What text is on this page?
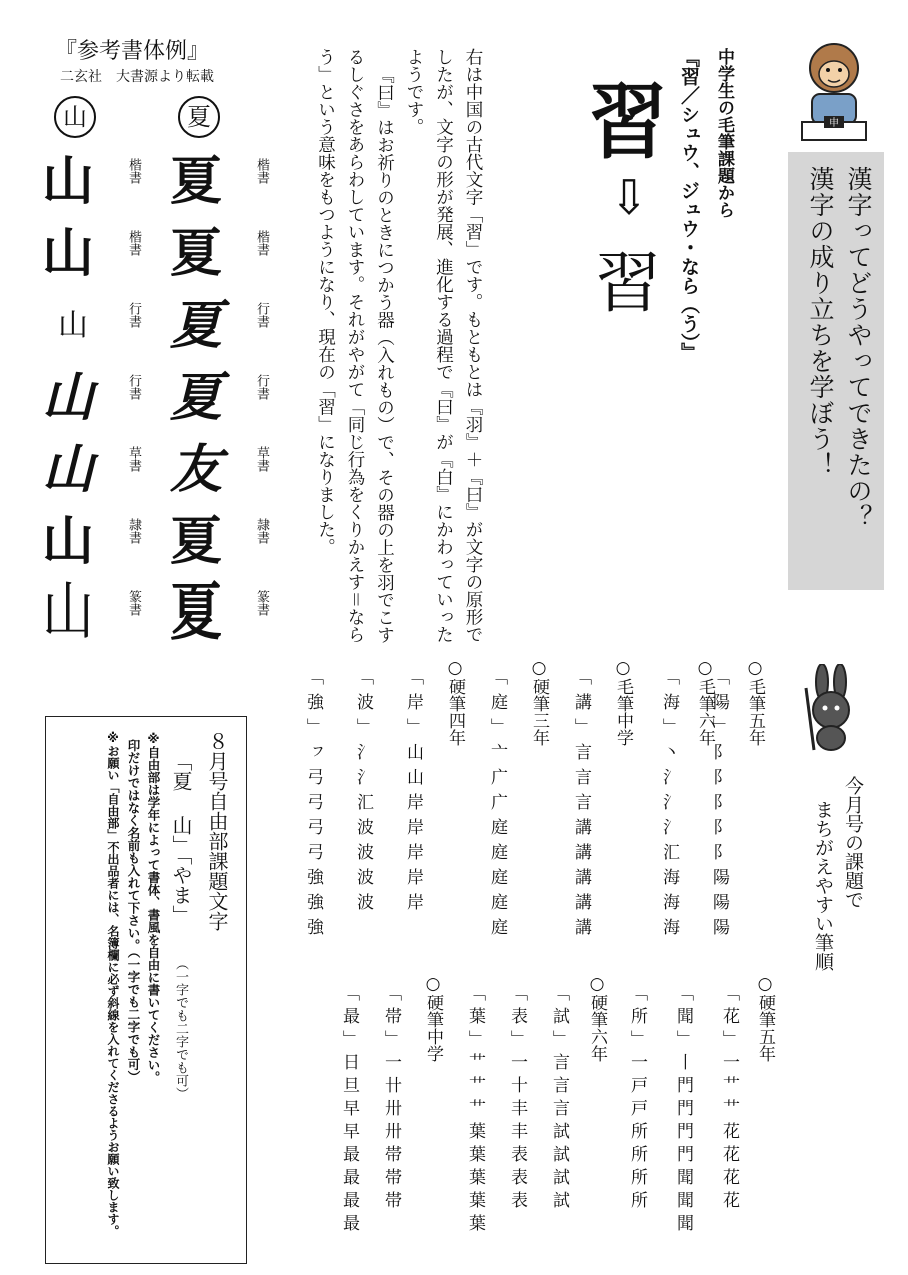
申
漢字ってどうやってできたの？
漢字の成り立ちを学ぼう！
中学生の毛筆課題から
『習／シュウ、ジュウ・なら（う）』
習
⇩
習

右は中国の古代文字「習」です。もともとは『羽』＋『曰』が文字の原形でしたが、文字の形が発展、進化する過程で『曰』が『白』にかわっていったようです。

『曰』はお祈りのときにつかう器（入れもの）で、その器の上を羽でこするしぐさをあらわしています。それがやがて「同じ行為をくりかえす＝ならう」という意味をもつようになり、現在の「習」になりました。

『参考書体例』
二玄社　大書源より転載
夏
山
夏
夏
夏
夏
友
夏
夏
楷書
楷書
行書
行書
草書
隷書
篆書
山
山
山
山
山
山
山
楷書
楷書
行書
行書
草書
隷書
篆書
８月号自由部課題文字
「夏 山」「やま」
（一字でも二字でも可）
※自由部は学年によって書体、書風を自由に書いてください。
印だけではなく名前も入れて下さい。（一字でも二字でも可）
※お願い「自由部」不出品者には、名簿欄に必ず斜線を入れてくださるようお願い致します。	今月号の課題で
まちがえやすい筆順
○毛筆五年
「陽」阝阝阝阝阝陽陽陽
○毛筆六年
「海」丶氵氵氵汇海海海
○毛筆中学
「講」言言言講講講講講
○硬筆三年
「庭」亠广广庭庭庭庭庭
○硬筆四年
「岸」山山岸岸岸岸岸
「波」氵氵汇波波波波
「強」ㇷ弓弓弓弓強強強
○硬筆五年
「花」一艹艹花花花花
「聞」丨門門門門聞聞聞
「所」一戸戸所所所所
○硬筆六年
「試」言言言試試試試
「表」一十丰丰表表表
「葉」艹艹艹葉葉葉葉葉
○硬筆中学
「帯」一卄卅卅帯帯帯
「最」日旦早早最最最最
